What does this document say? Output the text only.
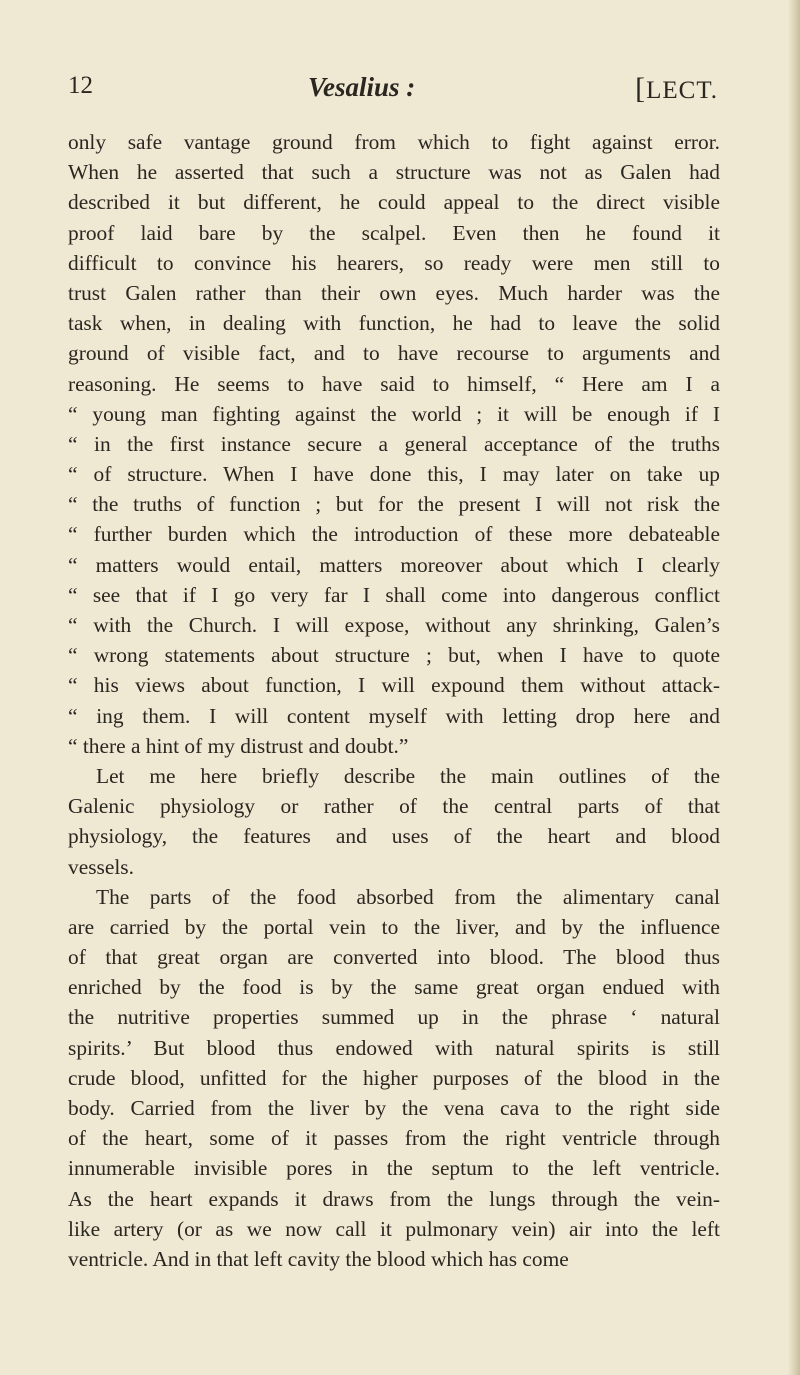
12	Vesalius :	[LECT.
only safe vantage ground from which to fight against error.
When he asserted that such a structure was not as Galen had
described it but different, he could appeal to the direct visible
proof laid bare by the scalpel. Even then he found it
difficult to convince his hearers, so ready were men still to
trust Galen rather than their own eyes. Much harder was the
task when, in dealing with function, he had to leave the solid
ground of visible fact, and to have recourse to arguments and
reasoning. He seems to have said to himself, “ Here am I a
“ young man fighting against the world ; it will be enough if I
“ in the first instance secure a general acceptance of the truths
“ of structure. When I have done this, I may later on take up
“ the truths of function ; but for the present I will not risk the
“ further burden which the introduction of these more debateable
“ matters would entail, matters moreover about which I clearly
“ see that if I go very far I shall come into dangerous conflict
“ with the Church. I will expose, without any shrinking, Galen’s
“ wrong statements about structure ; but, when I have to quote
“ his views about function, I will expound them without attack-
“ ing them. I will content myself with letting drop here and
“ there a hint of my distrust and doubt.”
Let me here briefly describe the main outlines of the
Galenic physiology or rather of the central parts of that
physiology, the features and uses of the heart and blood
vessels.
The parts of the food absorbed from the alimentary canal
are carried by the portal vein to the liver, and by the influence
of that great organ are converted into blood. The blood thus
enriched by the food is by the same great organ endued with
the nutritive properties summed up in the phrase ‘ natural
spirits.’ But blood thus endowed with natural spirits is still
crude blood, unfitted for the higher purposes of the blood in the
body. Carried from the liver by the vena cava to the right side
of the heart, some of it passes from the right ventricle through
innumerable invisible pores in the septum to the left ventricle.
As the heart expands it draws from the lungs through the vein-
like artery (or as we now call it pulmonary vein) air into the left
ventricle. And in that left cavity the blood which has come
